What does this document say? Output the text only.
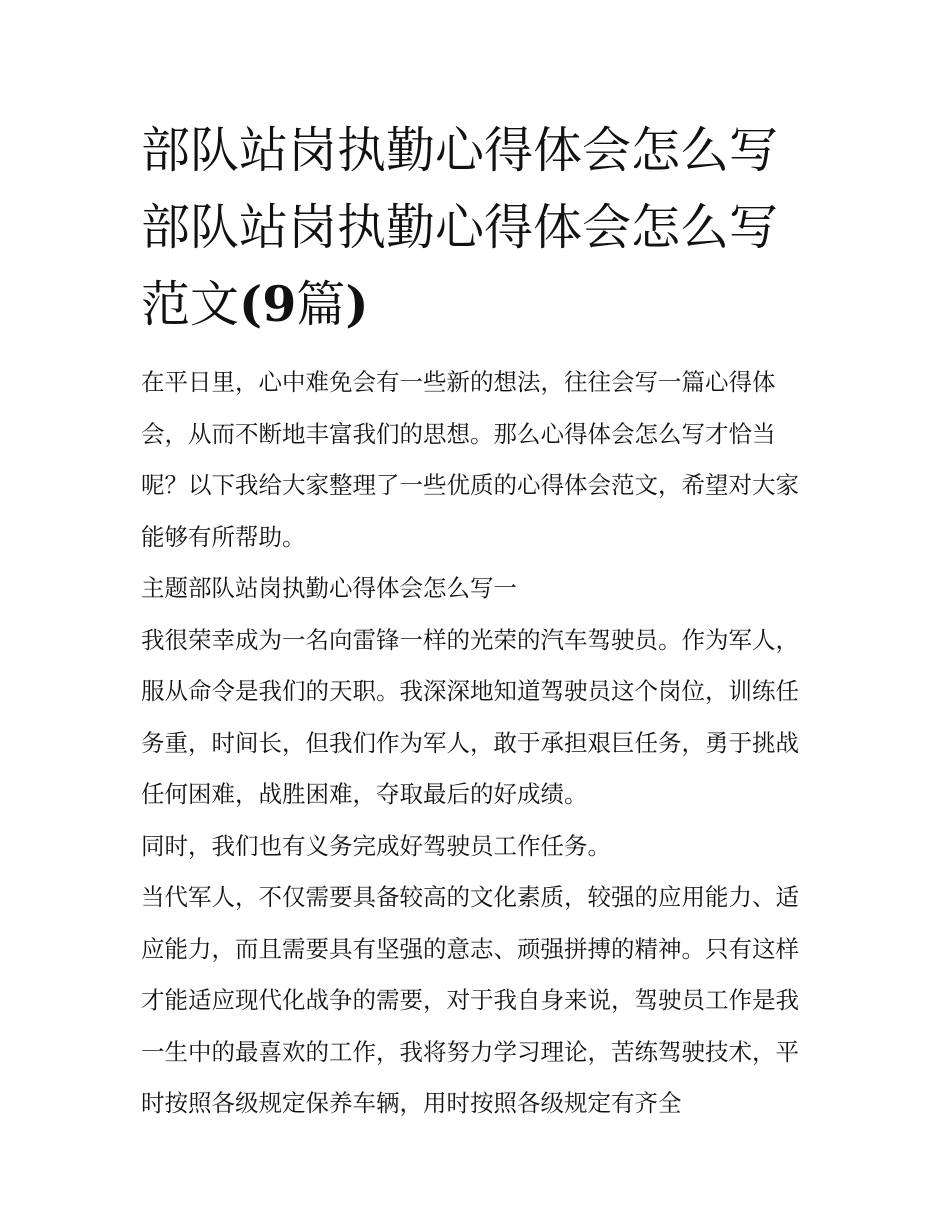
部队站岗执勤心得体会怎么写
部队站岗执勤心得体会怎么写
范文(9篇)

在平日里，心中难免会有一些新的想法，往往会写一篇心得体会，从而不断地丰富我们的思想。那么心得体会怎么写才恰当呢？以下我给大家整理了一些优质的心得体会范文，希望对大家能够有所帮助。

主题部队站岗执勤心得体会怎么写一

我很荣幸成为一名向雷锋一样的光荣的汽车驾驶员。作为军人，服从命令是我们的天职。我深深地知道驾驶员这个岗位，训练任务重，时间长，但我们作为军人，敢于承担艰巨任务，勇于挑战任何困难，战胜困难，夺取最后的好成绩。

同时，我们也有义务完成好驾驶员工作任务。

当代军人，不仅需要具备较高的文化素质，较强的应用能力、适应能力，而且需要具有坚强的意志、顽强拼搏的精神。只有这样才能适应现代化战争的需要，对于我自身来说，驾驶员工作是我一生中的最喜欢的工作，我将努力学习理论，苦练驾驶技术，平时按照各级规定保养车辆，用时按照各级规定有齐全
